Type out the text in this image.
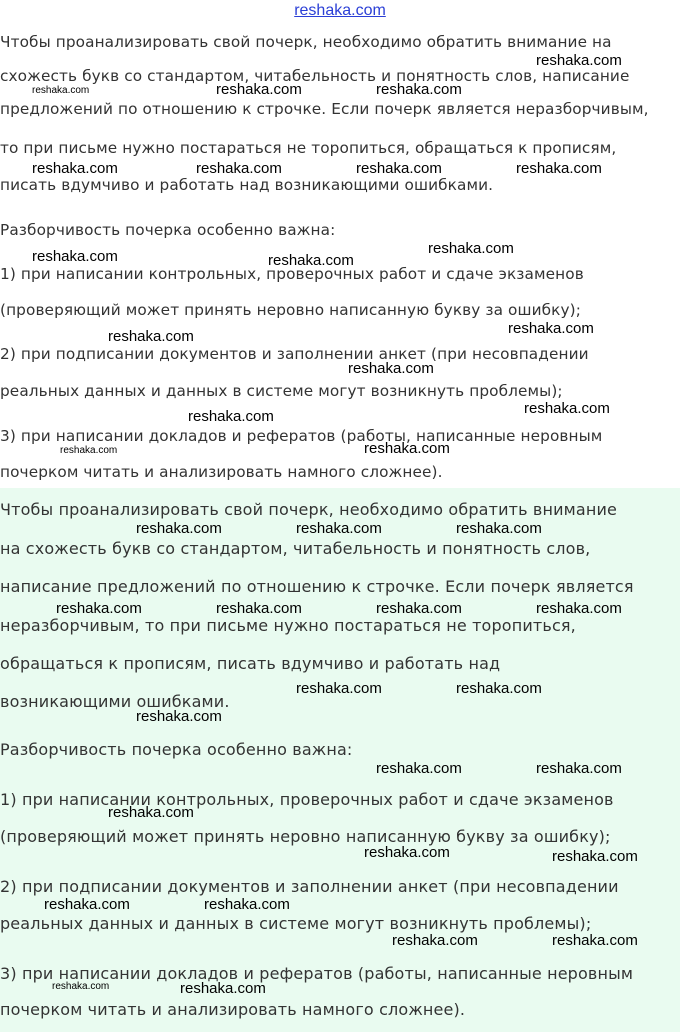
reshaka.com
Чтобы проанализировать свой почерк, необходимо обратить внимание на
схожесть букв со стандартом, читабельность и понятность слов, написание
предложений по отношению к строчке. Если почерк является неразборчивым,
то при письме нужно постараться не торопиться, обращаться к прописям,
писать вдумчиво и работать над возникающими ошибками.
Разборчивость почерка особенно важна:
1) при написании контрольных, проверочных работ и сдаче экзаменов
(проверяющий может принять неровно написанную букву за ошибку);
2) при подписании документов и заполнении анкет (при несовпадении
реальных данных и данных в системе могут возникнуть проблемы);
3) при написании докладов и рефератов (работы, написанные неровным
почерком читать и анализировать намного сложнее).
Чтобы проанализировать свой почерк, необходимо обратить внимание
на схожесть букв со стандартом, читабельность и понятность слов,
написание предложений по отношению к строчке. Если почерк является
неразборчивым, то при письме нужно постараться не торопиться,
обращаться к прописям, писать вдумчиво и работать над
возникающими ошибками.
Разборчивость почерка особенно важна:
1) при написании контрольных, проверочных работ и сдаче экзаменов
(проверяющий может принять неровно написанную букву за ошибку);
2) при подписании документов и заполнении анкет (при несовпадении
реальных данных и данных в системе могут возникнуть проблемы);
3) при написании докладов и рефератов (работы, написанные неровным
почерком читать и анализировать намного сложнее).
reshaka.com
reshaka.com	reshaka.com	reshaka.com
reshaka.com	reshaka.com	reshaka.com	reshaka.com
reshaka.com
reshaka.com	reshaka.com
reshaka.com
reshaka.com
reshaka.com
reshaka.com
reshaka.com
reshaka.com	reshaka.com
reshaka.com	reshaka.com	reshaka.com
reshaka.com	reshaka.com	reshaka.com	reshaka.com
reshaka.com	reshaka.com
reshaka.com
reshaka.com	reshaka.com
reshaka.com
reshaka.com	reshaka.com
reshaka.com	reshaka.com
reshaka.com	reshaka.com
reshaka.com	reshaka.com
